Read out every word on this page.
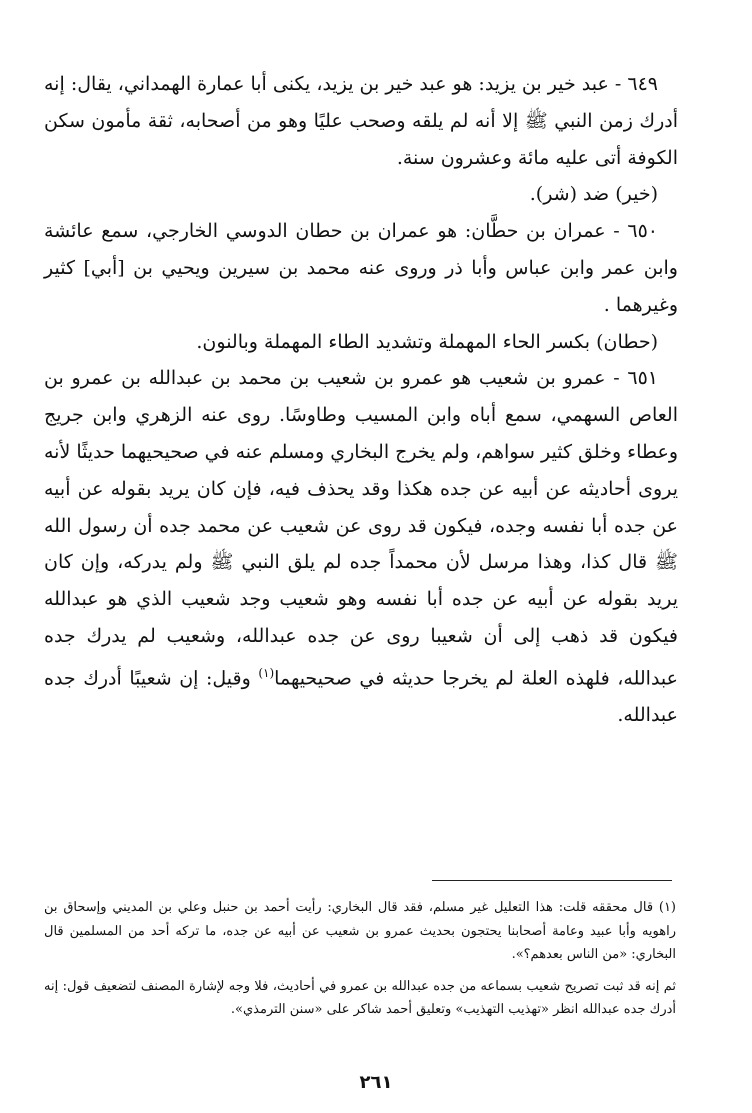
٦٤٩ - عبد خير بن يزيد: هو عبد خير بن يزيد، يكنى أبا عمارة الهمداني، يقال: إنه أدرك زمن النبي ﷺ إلا أنه لم يلقه وصحب عليًا وهو من أصحابه، ثقة مأمون سكن الكوفة أتى عليه مائة وعشرون سنة.

(خير) ضد (شر).

٦٥٠ - عمران بن حطَّان: هو عمران بن حطان الدوسي الخارجي، سمع عائشة وابن عمر وابن عباس وأبا ذر وروى عنه محمد بن سيرين ويحيي بن [أبي] كثير وغيرهما .

(حطان) بكسر الحاء المهملة وتشديد الطاء المهملة وبالنون.

٦٥١ - عمرو بن شعيب هو عمرو بن شعيب بن محمد بن عبدالله بن عمرو بن العاص السهمي، سمع أباه وابن المسيب وطاوسًا. روى عنه الزهري وابن جريج وعطاء وخلق كثير سواهم، ولم يخرج البخاري ومسلم عنه في صحيحيهما حديثًا لأنه يروى أحاديثه عن أبيه عن جده هكذا وقد يحذف فيه، فإن كان يريد بقوله عن أبيه عن جده أبا نفسه وجده، فيكون قد روى عن شعيب عن محمد جده أن رسول الله ﷺ قال كذا، وهذا مرسل لأن محمداً جده لم يلق النبي ﷺ ولم يدركه، وإن كان يريد بقوله عن أبيه عن جده أبا نفسه وهو شعيب وجد شعيب الذي هو عبدالله فيكون قد ذهب إلى أن شعيبا روى عن جده عبدالله، وشعيب لم يدرك جده عبدالله، فلهذه العلة لم يخرجا حديثه في صحيحيهما$^{(١)}$ وقيل: إن شعيبًا أدرك جده عبدالله.

(١) قال محققه قلت: هذا التعليل غير مسلم، فقد قال البخاري: رأيت أحمد بن حنبل وعلي بن المديني وإسحاق بن راهويه وأبا عبيد وعامة أصحابنا يحتجون بحديث عمرو بن شعيب عن أبيه عن جده، ما تركه أحد من المسلمين قال البخاري: «من الناس بعدهم؟».

ثم إنه قد ثبت تصريح شعيب بسماعه من جده عبدالله بن عمرو في أحاديث، فلا وجه لإشارة المصنف لتضعيف قول: إنه أدرك جده عبدالله انظر «تهذيب التهذيب» وتعليق أحمد شاكر على «سنن الترمذي».

٢٦١
